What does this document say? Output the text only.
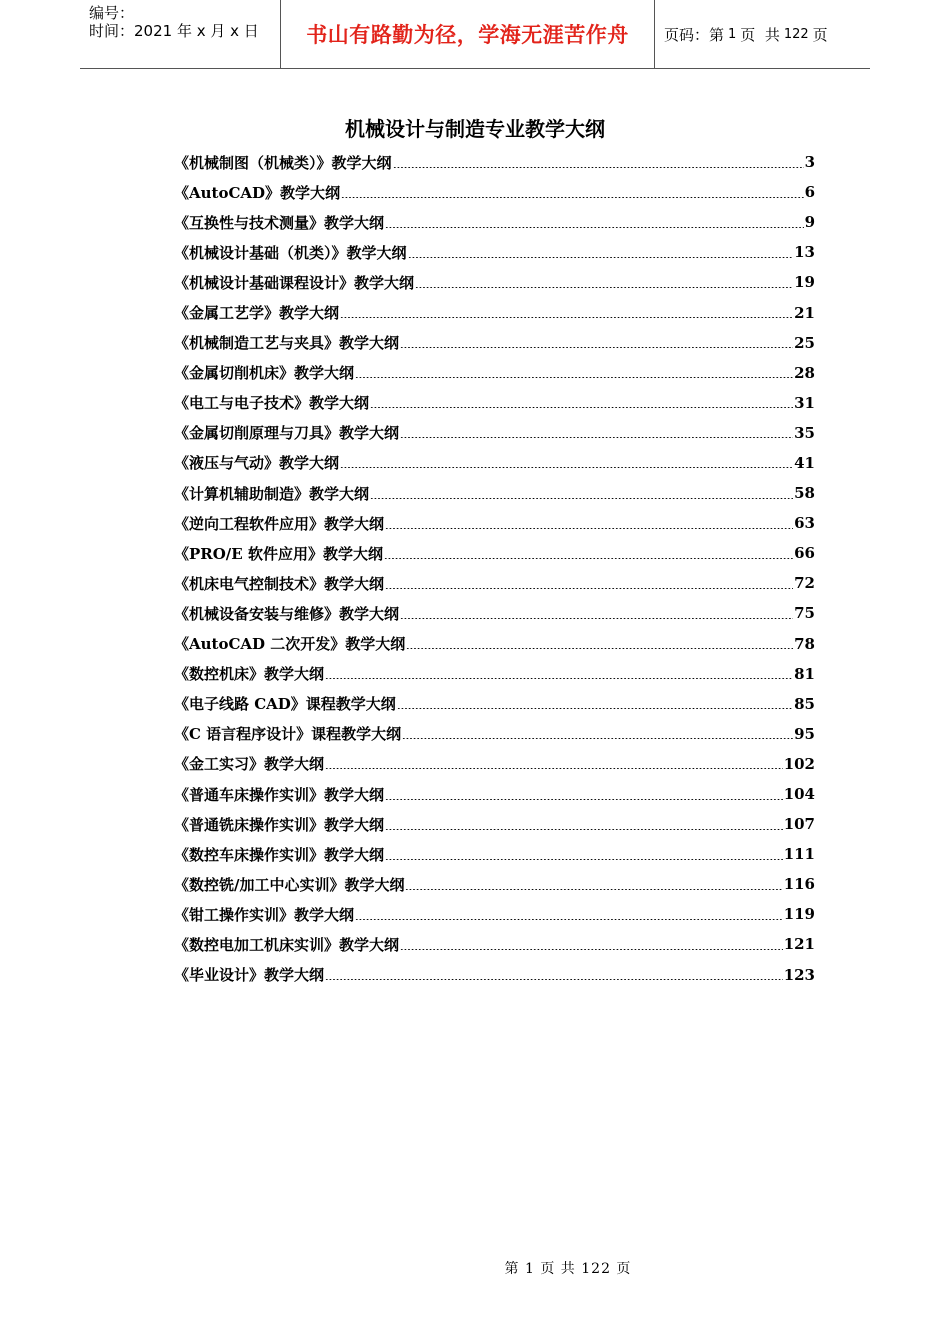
编号：
时间：2021 年 x 月 x 日	书山有路勤为径，学海无涯苦作舟	页码：第 1 页  共 122 页
机械设计与制造专业教学大纲
《机械制图（机械类）》教学大纲	3
《AutoCAD》教学大纲	6
《互换性与技术测量》教学大纲	9
《机械设计基础（机类）》教学大纲	13
《机械设计基础课程设计》教学大纲	19
《金属工艺学》教学大纲	21
《机械制造工艺与夹具》教学大纲	25
《金属切削机床》教学大纲	28
《电工与电子技术》教学大纲	31
《金属切削原理与刀具》教学大纲	35
《液压与气动》教学大纲	41
《计算机辅助制造》教学大纲	58
《逆向工程软件应用》教学大纲	63
《PRO/E 软件应用》教学大纲	66
《机床电气控制技术》教学大纲	72
《机械设备安装与维修》教学大纲	75
《AutoCAD 二次开发》教学大纲	78
《数控机床》教学大纲	81
《电子线路 CAD》课程教学大纲	85
《C 语言程序设计》课程教学大纲	95
《金工实习》教学大纲	102
《普通车床操作实训》教学大纲	104
《普通铣床操作实训》教学大纲	107
《数控车床操作实训》教学大纲	111
《数控铣/加工中心实训》教学大纲	116
《钳工操作实训》教学大纲	119
《数控电加工机床实训》教学大纲	121
《毕业设计》教学大纲	123
第 1 页 共 122 页
